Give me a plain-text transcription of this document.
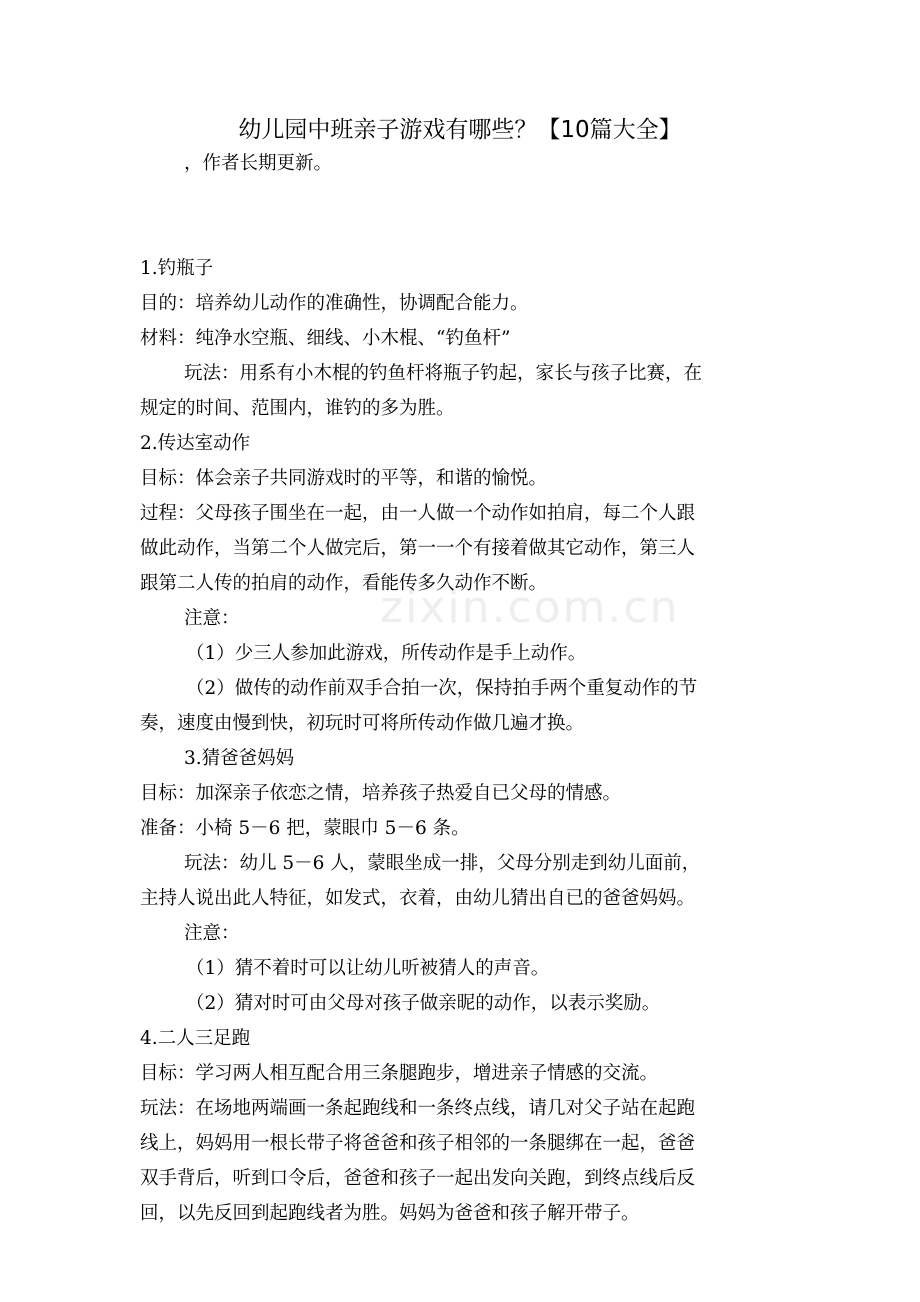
zixin.com.cn
幼儿园中班亲子游戏有哪些？【10篇大全】
，作者长期更新。
1.钓瓶子
目的：培养幼儿动作的准确性，协调配合能力。
材料：纯净水空瓶、细线、小木棍、“钓鱼杆”
玩法：用系有小木棍的钓鱼杆将瓶子钓起，家长与孩子比赛，在
规定的时间、范围内，谁钓的多为胜。
2.传达室动作
目标：体会亲子共同游戏时的平等，和谐的愉悦。
过程：父母孩子围坐在一起，由一人做一个动作如拍肩，每二个人跟
做此动作，当第二个人做完后，第一一个有接着做其它动作，第三人
跟第二人传的拍肩的动作，看能传多久动作不断。
注意：
（1）少三人参加此游戏，所传动作是手上动作。
（2）做传的动作前双手合拍一次，保持拍手两个重复动作的节
奏，速度由慢到快，初玩时可将所传动作做几遍才换。
3.猜爸爸妈妈
目标：加深亲子依恋之情，培养孩子热爱自已父母的情感。
准备：小椅 5－6 把，蒙眼巾 5－6 条。
玩法：幼儿 5－6 人，蒙眼坐成一排，父母分别走到幼儿面前，
主持人说出此人特征，如发式，衣着，由幼儿猜出自已的爸爸妈妈。
注意：
（1）猜不着时可以让幼儿听被猜人的声音。
（2）猜对时可由父母对孩子做亲昵的动作，以表示奖励。
4.二人三足跑
目标：学习两人相互配合用三条腿跑步，增进亲子情感的交流。
玩法：在场地两端画一条起跑线和一条终点线，请几对父子站在起跑
线上，妈妈用一根长带子将爸爸和孩子相邻的一条腿绑在一起，爸爸
双手背后，听到口令后，爸爸和孩子一起出发向关跑，到终点线后反
回，以先反回到起跑线者为胜。妈妈为爸爸和孩子解开带子。
